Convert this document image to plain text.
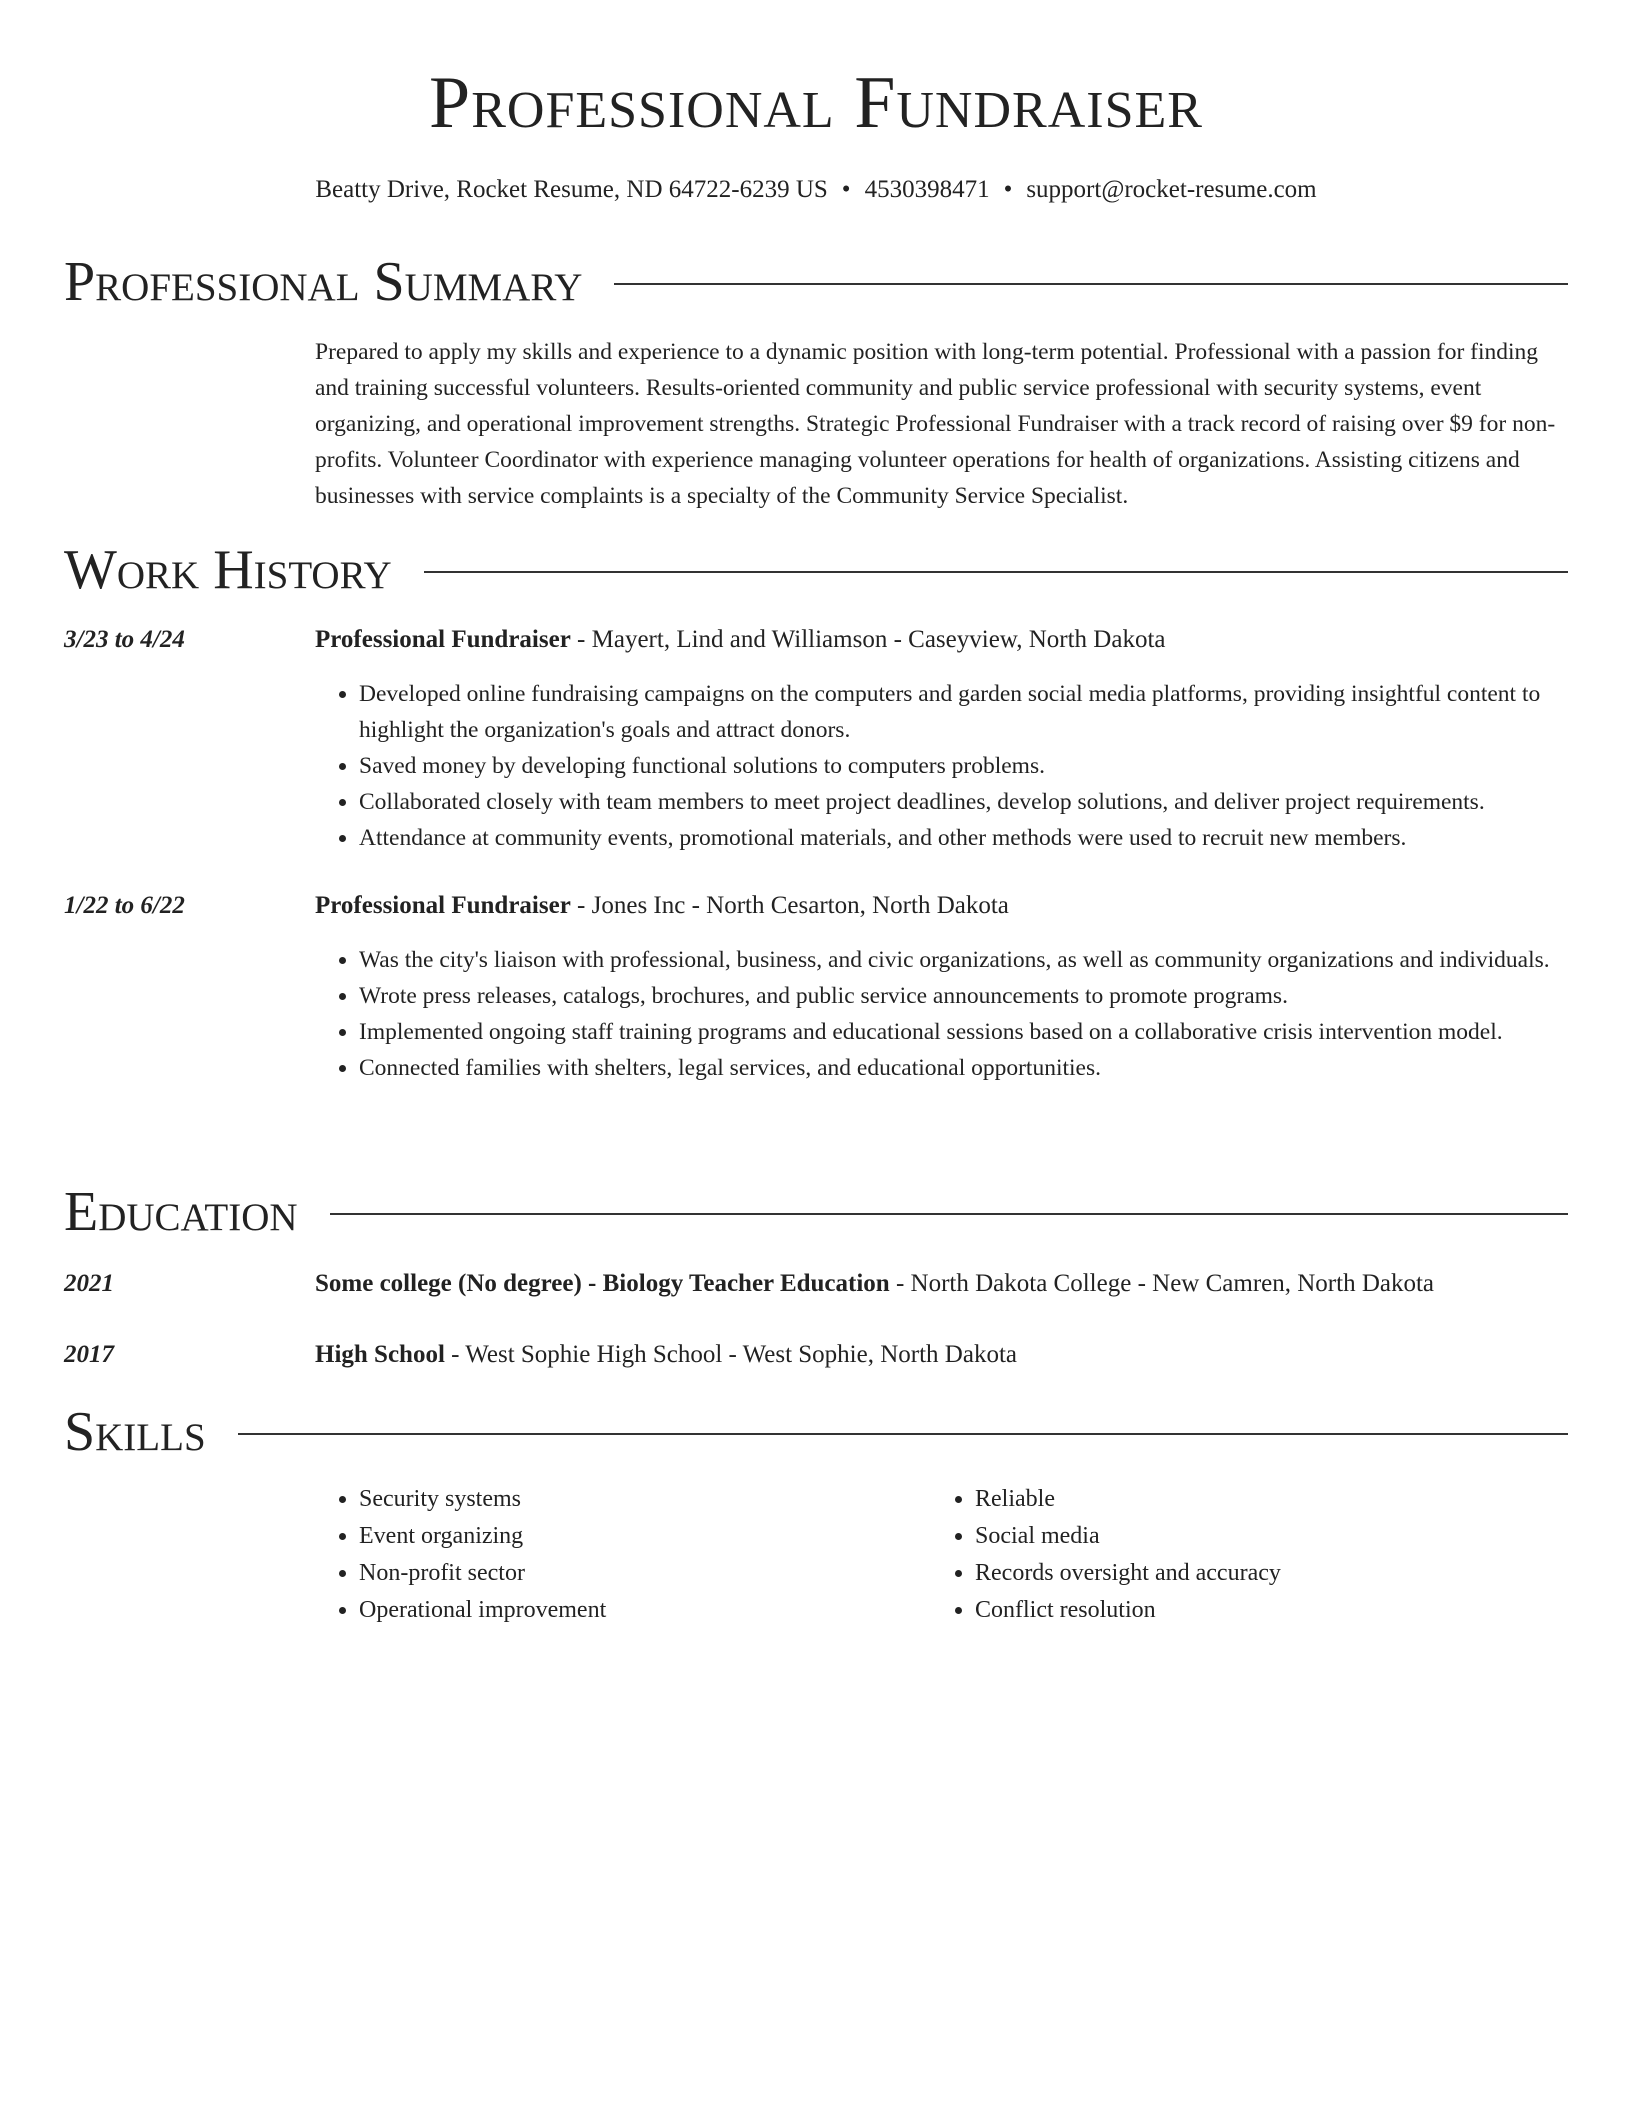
Professional Fundraiser
Beatty Drive, Rocket Resume, ND 64722-6239 US • 4530398471 • support@rocket-resume.com
Professional Summary

Prepared to apply my skills and experience to a dynamic position with long-term potential. Professional with a passion for finding and training successful volunteers. Results-oriented community and public service professional with security systems, event organizing, and operational improvement strengths. Strategic Professional Fundraiser with a track record of raising over $9 for non-profits. Volunteer Coordinator with experience managing volunteer operations for health of organizations. Assisting citizens and businesses with service complaints is a specialty of the Community Service Specialist.

Work History
3/23 to 4/24	Professional Fundraiser - Mayert, Lind and Williamson - Caseyview, North Dakota
• Developed online fundraising campaigns on the computers and garden social media platforms, providing insightful content to highlight the organization's goals and attract donors.
• Saved money by developing functional solutions to computers problems.
• Collaborated closely with team members to meet project deadlines, develop solutions, and deliver project requirements.
• Attendance at community events, promotional materials, and other methods were used to recruit new members.
1/22 to 6/22	Professional Fundraiser - Jones Inc - North Cesarton, North Dakota
• Was the city's liaison with professional, business, and civic organizations, as well as community organizations and individuals.
• Wrote press releases, catalogs, brochures, and public service announcements to promote programs.
• Implemented ongoing staff training programs and educational sessions based on a collaborative crisis intervention model.
• Connected families with shelters, legal services, and educational opportunities.
Education
2021	Some college (No degree) - Biology Teacher Education - North Dakota College - New Camren, North Dakota
2017	High School - West Sophie High School - West Sophie, North Dakota
Skills
• Security systems
• Event organizing
• Non-profit sector
• Operational improvement
• Reliable
• Social media
• Records oversight and accuracy
• Conflict resolution
